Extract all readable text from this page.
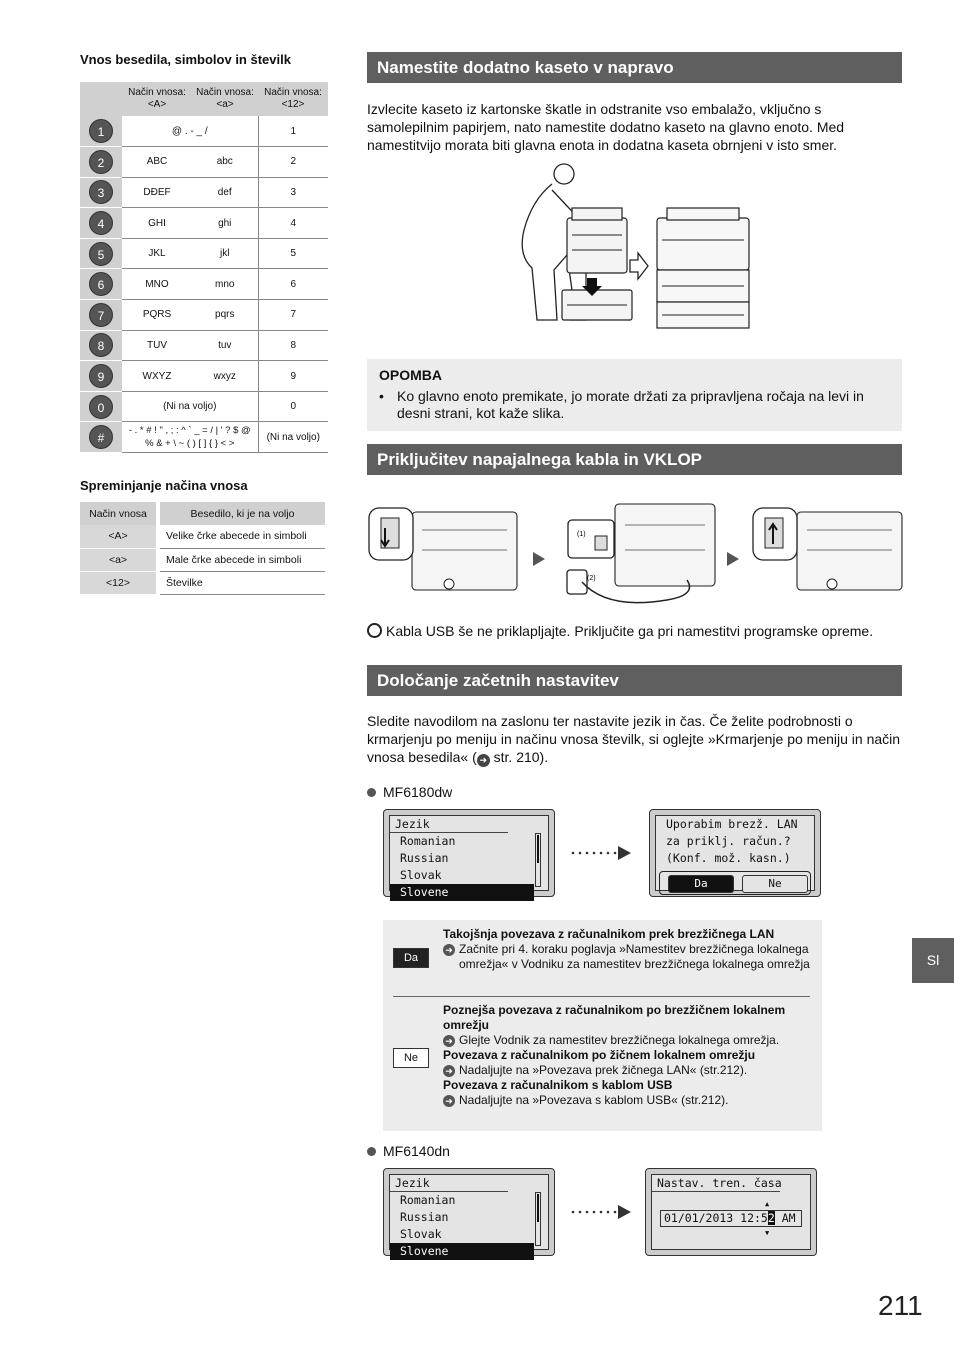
Vnos besedila, simbolov in številk
	Način vnosa: <A>	Način vnosa: <a>	Način vnosa: <12>
1	@ . - _ /		1
2	ABC	abc	2
3	DĐEF	def	3
4	GHI	ghi	4
5	JKL	jkl	5
6	MNO	mno	6
7	PQRS	pqrs	7
8	TUV	tuv	8
9	WXYZ	wxyz	9
0	(Ni na voljo)		0
#	- . * # ! " , ; : ^ ` _ = / | ' ? $ @ % & + \ ~ ( ) [ ] { } < >		(Ni na voljo)
Spreminjanje načina vnosa
Način vnosa	Besedilo, ki je na voljo
<A>	Velike črke abecede in simboli
<a>	Male črke abecede in simboli
<12>	Številke
Namestite dodatno kaseto v napravo
Izvlecite kaseto iz kartonske škatle in odstranite vso embalažo, vključno s samolepilnim papirjem, nato namestite dodatno kaseto na glavno enoto. Med namestitvijo morata biti glavna enota in dodatna kaseta obrnjeni v isto smer.
OPOMBA
• Ko glavno enoto premikate, jo morate držati za pripravljena ročaja na levi in desni strani, kot kaže slika.
Priključitev napajalnega kabla in VKLOP
(1)
(2)
Kabla USB še ne priklapljajte. Priključite ga pri namestitvi programske opreme.
Določanje začetnih nastavitev
Sledite navodilom na zaslonu ter nastavite jezik in čas. Če želite podrobnosti o krmarjenju po meniju in načinu vnosa številk, si oglejte »Krmarjenje po meniju in način vnosa besedila« ( ➜ str. 210).
MF6180dw
Jezik
Romanian
Russian
Slovak
Slovene
Uporabim brezž. LAN
za priklj. račun.?
(Konf. mož. kasn.)
Da	Ne
Da
Takojšnja povezava z računalnikom prek brezžičnega LAN

➜ Začnite pri 4. koraku poglavja »Namestitev brezžičnega lokalnega omrežja« v Vodniku za namestitev brezžičnega lokalnega omrežja
Ne
Poznejša povezava z računalnikom po brezžičnem lokalnem omrežju
➜ Glejte Vodnik za namestitev brezžičnega lokalnega omrežja.
Povezava z računalnikom po žičnem lokalnem omrežju
➜ Nadaljujte na »Povezava prek žičnega LAN« (str.212).
Povezava z računalnikom s kablom USB
➜ Nadaljujte na »Povezava s kablom USB« (str.212).
MF6140dn
Jezik
Romanian
Russian
Slovak
Slovene
Nastav. tren. časa
▲
01/01/2013 12:52 AM
▼
Sl
211
